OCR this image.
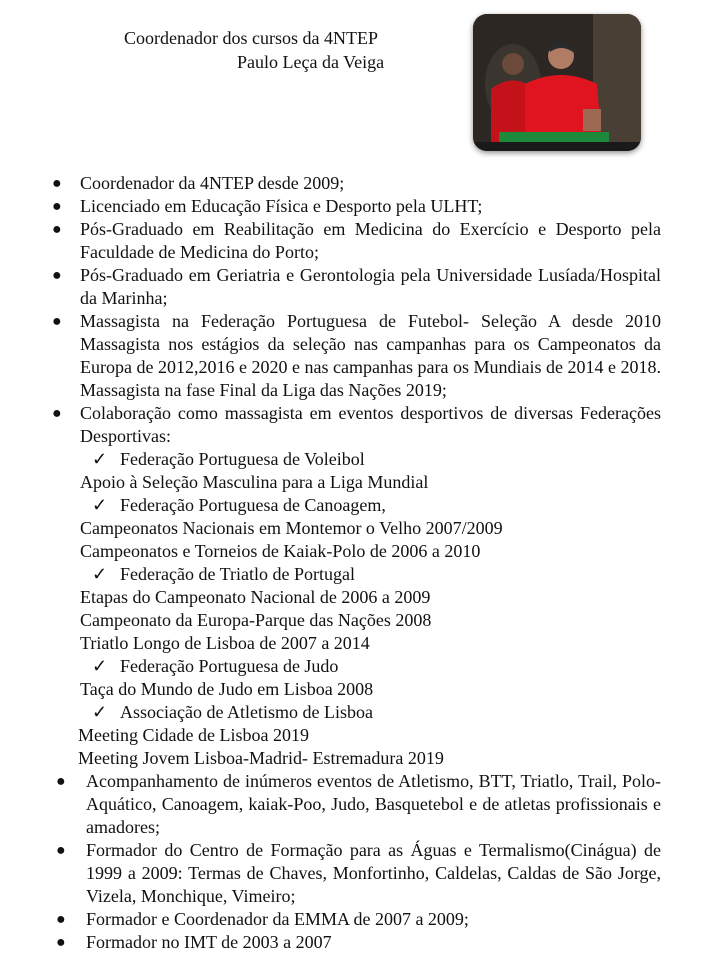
Coordenador dos cursos da 4NTEP
Paulo Leça da Veiga
● Coordenador da 4NTEP desde 2009;

● Licenciado em Educação Física e Desporto pela ULHT;

● Pós-Graduado em Reabilitação em Medicina do Exercício e Desporto pela Faculdade de Medicina do Porto;

● Pós-Graduado em Geriatria e Gerontologia pela Universidade Lusíada/Hospital da Marinha;

● Massagista na Federação Portuguesa de Futebol- Seleção A desde 2010 Massagista nos estágios da seleção nas campanhas para os Campeonatos da Europa de 2012,2016 e 2020 e nas campanhas para os Mundiais de 2014 e 2018. Massagista na fase Final da Liga das Nações 2019;

● Colaboração como massagista em eventos desportivos de diversas Federações Desportivas:

✓ Federação Portuguesa de Voleibol

Apoio à Seleção Masculina para a Liga Mundial

✓ Federação Portuguesa de Canoagem,

Campeonatos Nacionais em Montemor o Velho 2007/2009

Campeonatos e Torneios de Kaiak-Polo de 2006 a 2010

✓ Federação de Triatlo de Portugal

Etapas do Campeonato Nacional de 2006 a 2009

Campeonato da Europa-Parque das Nações 2008

Triatlo Longo de Lisboa de 2007 a 2014

✓ Federação Portuguesa de Judo

Taça do Mundo de Judo em Lisboa 2008

✓ Associação de Atletismo de Lisboa

Meeting Cidade de Lisboa 2019

Meeting Jovem Lisboa-Madrid- Estremadura 2019

● Acompanhamento de inúmeros eventos de Atletismo, BTT, Triatlo, Trail, Polo-Aquático, Canoagem, kaiak-Poo, Judo, Basquetebol e de atletas profissionais e amadores;

● Formador do Centro de Formação para as Águas e Termalismo(Cinágua) de 1999 a 2009: Termas de Chaves, Monfortinho, Caldelas, Caldas de São Jorge, Vizela, Monchique, Vimeiro;

● Formador e Coordenador da EMMA de 2007 a 2009;

● Formador no IMT de 2003 a 2007
